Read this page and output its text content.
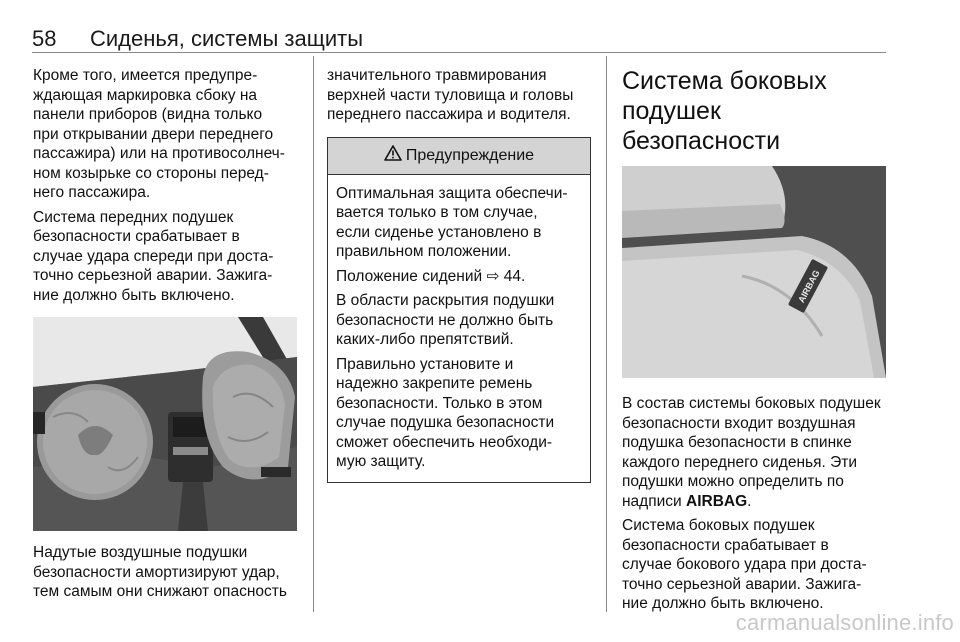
58 Сиденья, системы защиты

Кроме того, имеется предупре-
ждающая маркировка сбоку на
панели приборов (видна только
при открывании двери переднего
пассажира) или на противосолнеч-
ном козырьке со стороны перед-
него пассажира.

Система передних подушек
безопасности срабатывает в
случае удара спереди при доста-
точно серьезной аварии. Зажига-
ние должно быть включено.

Надутые воздушные подушки
безопасности амортизируют удар,
тем самым они снижают опасность

значительного травмирования
верхней части туловища и головы
переднего пассажира и водителя.

Предупреждение

Оптимальная защита обеспечи-
вается только в том случае,
если сиденье установлено в
правильном положении.

Положение сидений ⇨ 44.

В области раскрытия подушки
безопасности не должно быть
каких-либо препятствий.

Правильно установите и
надежно закрепите ремень
безопасности. Только в этом
случае подушка безопасности
сможет обеспечить необходи-
мую защиту.

Система боковых подушек
безопасности
AIRBAG

В состав системы боковых подушек
безопасности входит воздушная
подушка безопасности в спинке
каждого переднего сиденья. Эти
подушки можно определить по
надписи AIRBAG.

Система боковых подушек
безопасности срабатывает в
случае бокового удара при доста-
точно серьезной аварии. Зажига-
ние должно быть включено.

carmanualsonline.info
